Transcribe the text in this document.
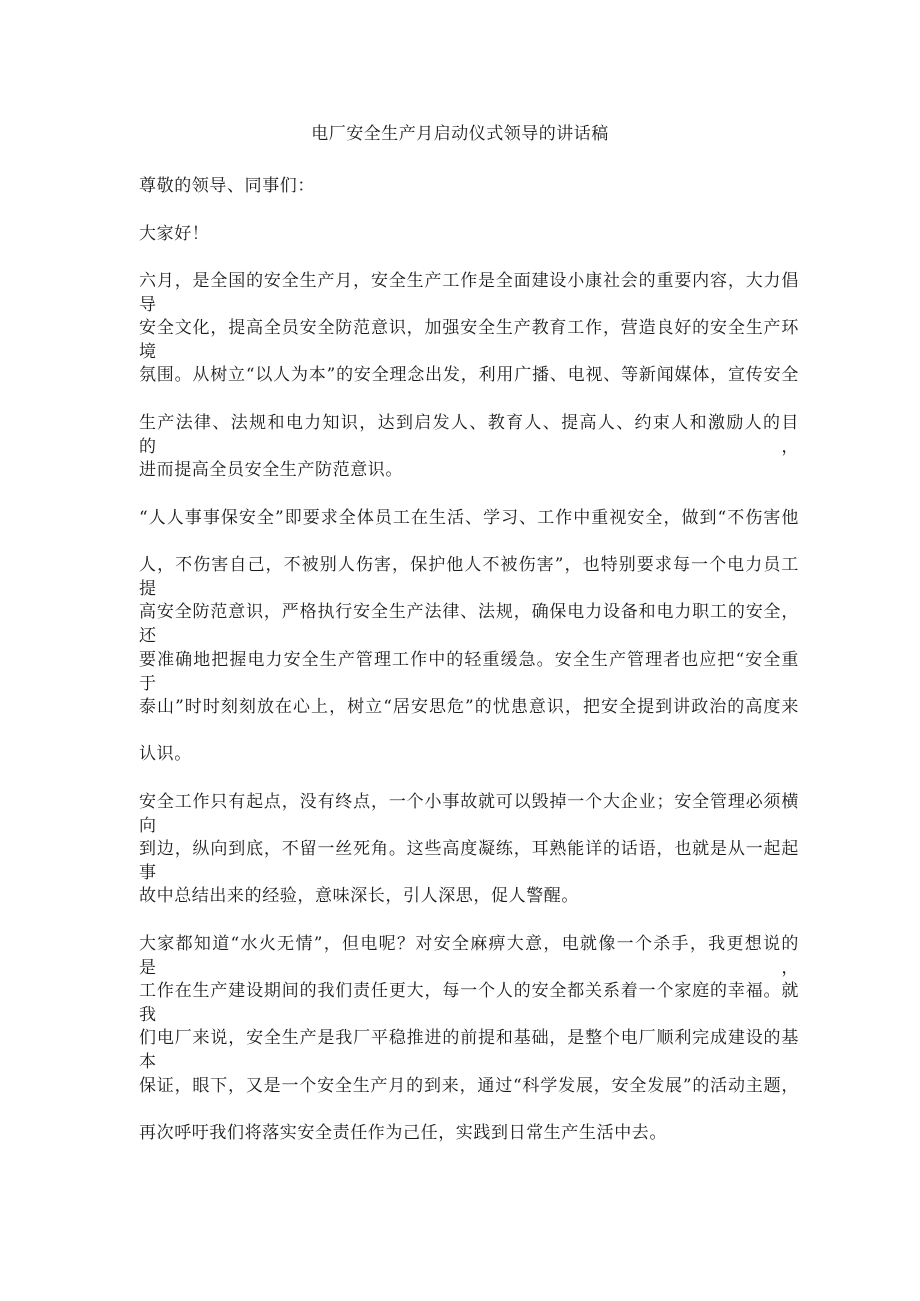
电厂安全生产月启动仪式领导的讲话稿
尊敬的领导、同事们：
大家好！
六月，是全国的安全生产月，安全生产工作是全面建设小康社会的重要内容，大力倡导
安全文化，提高全员安全防范意识，加强安全生产教育工作，营造良好的安全生产环境
氛围。从树立“以人为本”的安全理念出发，利用广播、电视、等新闻媒体，宣传安全
生产法律、法规和电力知识，达到启发人、教育人、提高人、约束人和激励人的目的，
进而提高全员安全生产防范意识。
“人人事事保安全”即要求全体员工在生活、学习、工作中重视安全，做到“不伤害他
人，不伤害自己，不被别人伤害，保护他人不被伤害”，也特别要求每一个电力员工提
高安全防范意识，严格执行安全生产法律、法规，确保电力设备和电力职工的安全，还
要准确地把握电力安全生产管理工作中的轻重缓急。安全生产管理者也应把“安全重于
泰山”时时刻刻放在心上，树立“居安思危”的忧患意识，把安全提到讲政治的高度来
认识。
安全工作只有起点，没有终点，一个小事故就可以毁掉一个大企业；安全管理必须横向
到边，纵向到底，不留一丝死角。这些高度凝练，耳熟能详的话语，也就是从一起起事
故中总结出来的经验，意味深长，引人深思，促人警醒。
大家都知道“水火无情”，但电呢？对安全麻痹大意，电就像一个杀手，我更想说的是，
工作在生产建设期间的我们责任更大，每一个人的安全都关系着一个家庭的幸福。就我
们电厂来说，安全生产是我厂平稳推进的前提和基础，是整个电厂顺利完成建设的基本
保证，眼下，又是一个安全生产月的到来，通过“科学发展，安全发展”的活动主题，
再次呼吁我们将落实安全责任作为己任，实践到日常生产生活中去。
